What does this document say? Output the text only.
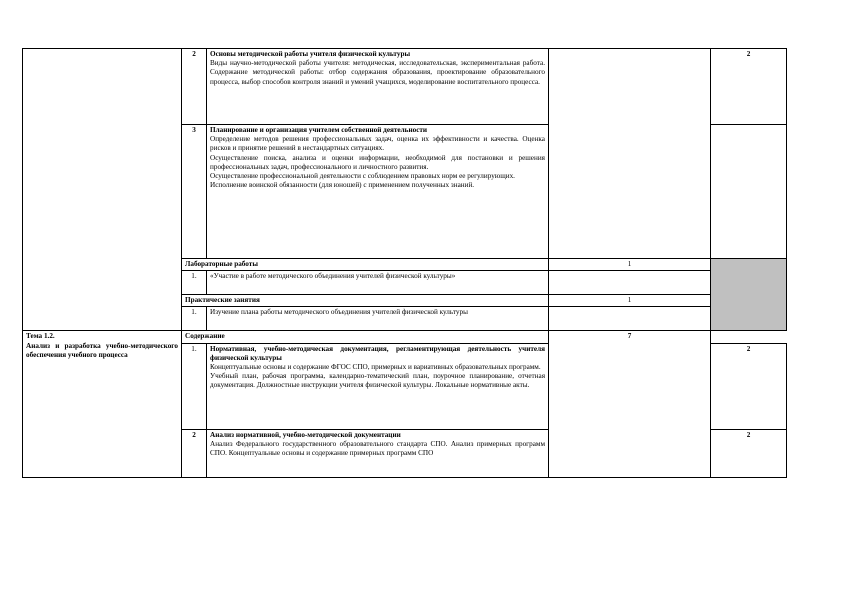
	2	Основы методической работы учителя физической культуры
Виды научно-методической работы учителя: методическая, исследовательская, экспериментальная работа. Содержание методической работы: отбор содержания образования, проектирование образовательного процесса, выбор способов контроля знаний и умений учащихся, моделирование воспитательного процесса.		2
	3	Планирование и организация учителем собственной деятельности
Определение методов решения профессиональных задач, оценка их эффективности и качества. Оценка рисков и принятие решений в нестандартных ситуациях.
Осуществление поиска, анализа и оценки информации, необходимой для постановки и решения профессиональных задач, профессионального и личностного развития.
Осуществление профессиональной деятельности с соблюдением правовых норм ее регулирующих.
Исполнение воинской обязанности (для юношей) с применением полученных знаний.		

	Лабораторные работы		1	
	1.	«Участие в работе методического объединения учителей физической культуры»		
	Практические занятия		1	
	1.	Изучение плана работы методического объединения учителей физической культуры		

Тема 1.2.
Анализ и разработка учебно-методического обеспечения учебного процесса	Содержание		7	
	1.	Нормативная, учебно-методическая документация, регламентирующая деятельность учителя физической культуры
Концептуальные основы и содержание ФГОС СПО, примерных и вариативных образовательных программ.
Учебный план, рабочая программа, календарно-тематический план, поурочное планирование, отчетная документация. Должностные инструкции учителя физической культуры. Локальные нормативные акты.		2
	2	Анализ нормативной, учебно-методической документации
Анализ Федерального государственного образовательного стандарта СПО. Анализ примерных программ СПО. Концептуальные основы и содержание примерных программ СПО		2
